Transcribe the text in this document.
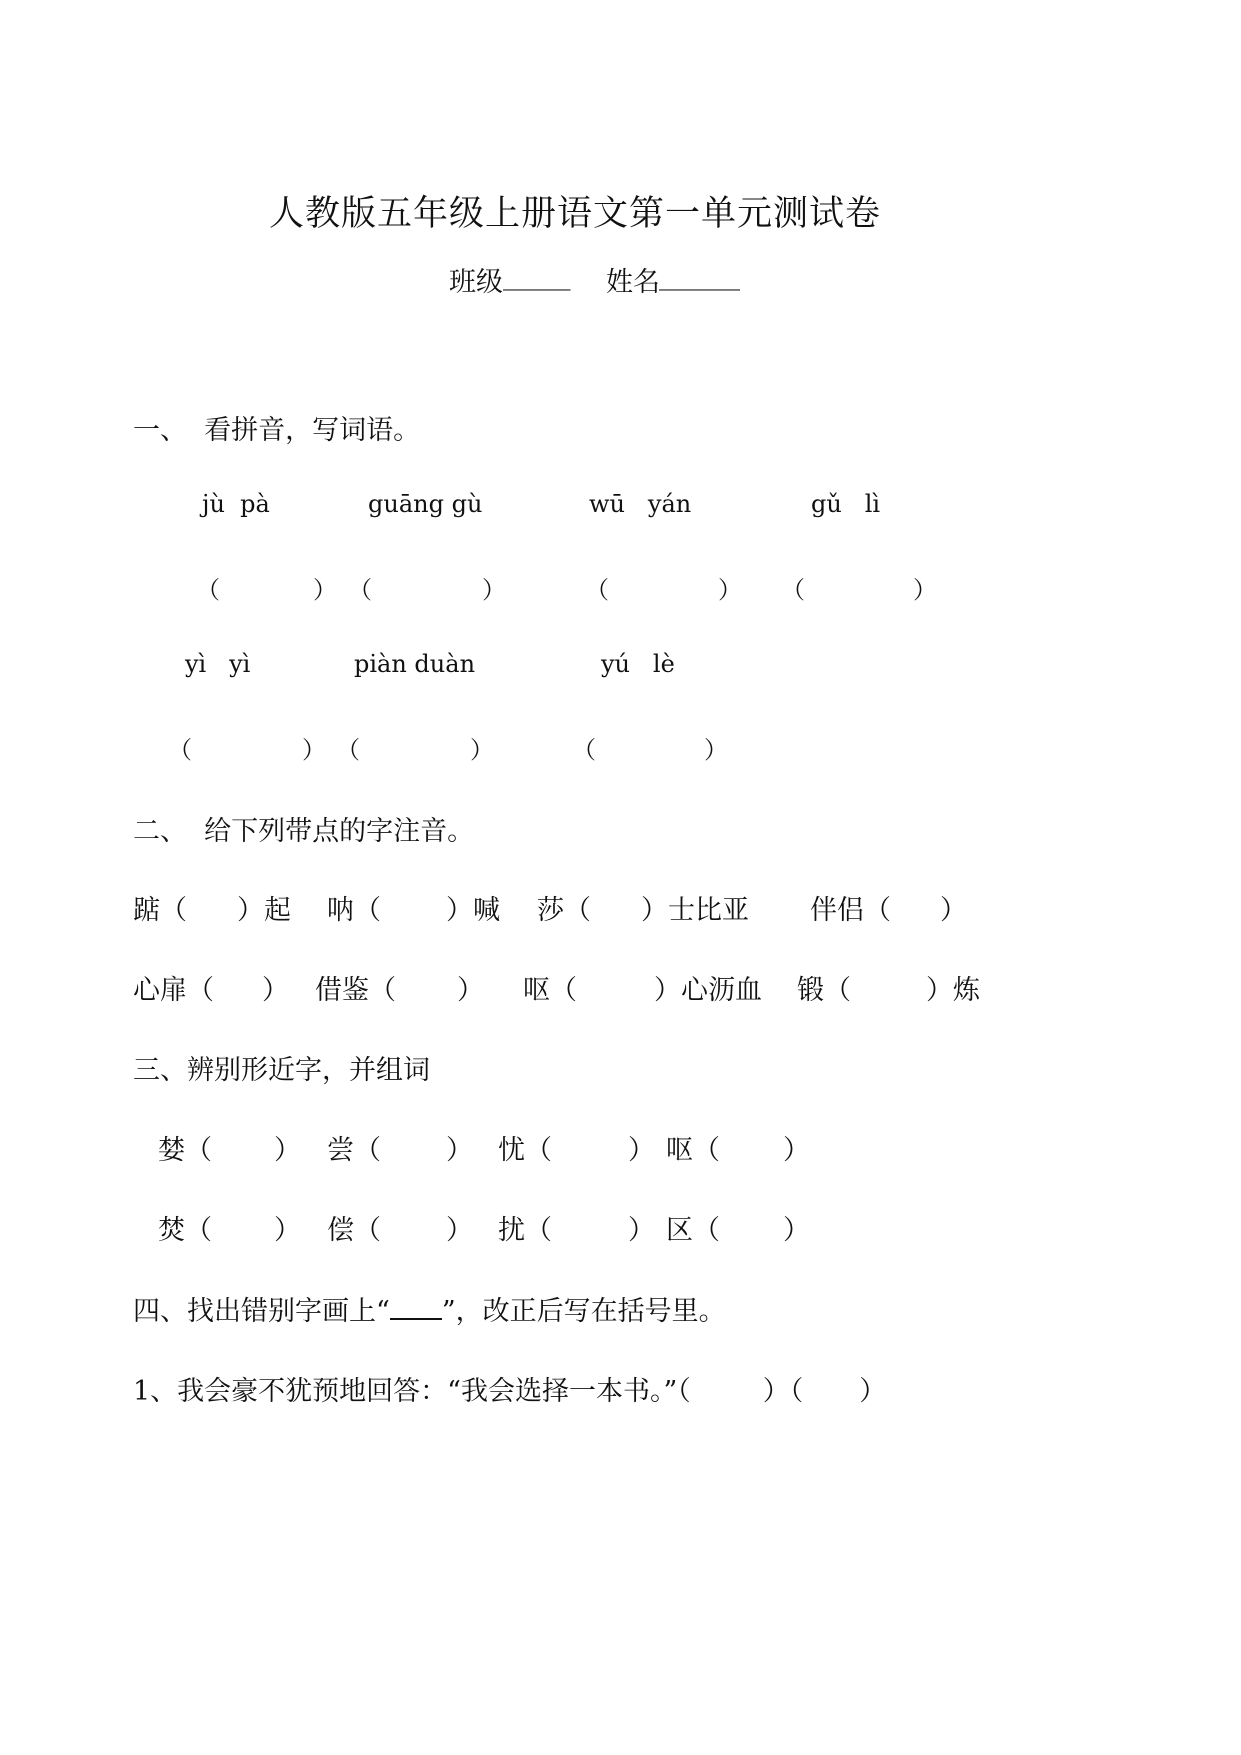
人教版五年级上册语文第一单元测试卷
班级 _____ 姓名 ______
一、  看拼音，写词语。
jù  pà	guāng gù	wū   yán	gǔ   lì
（	） （	）	（	） （	）
yì   yì	piàn duàn	yú   lè
（	） （	）	（	）
二、  给下列带点的字注音。
踮（ ）起 呐（ ）喊 莎（ ）士比亚 伴侣（ ）
心扉（ ） 借鉴（ ） 呕（	）心沥血 锻（	）炼
三、辨别形近字，并组词
婪（ ） 尝（ ） 忧（	） 呕（ ）
焚（ ） 偿（ ） 扰（	） 区（ ）
四、找出错别字画上“ ”，改正后写在括号里。
1、我会豪不犹预地回答：“我会选择一本书。”（	）（ ）
